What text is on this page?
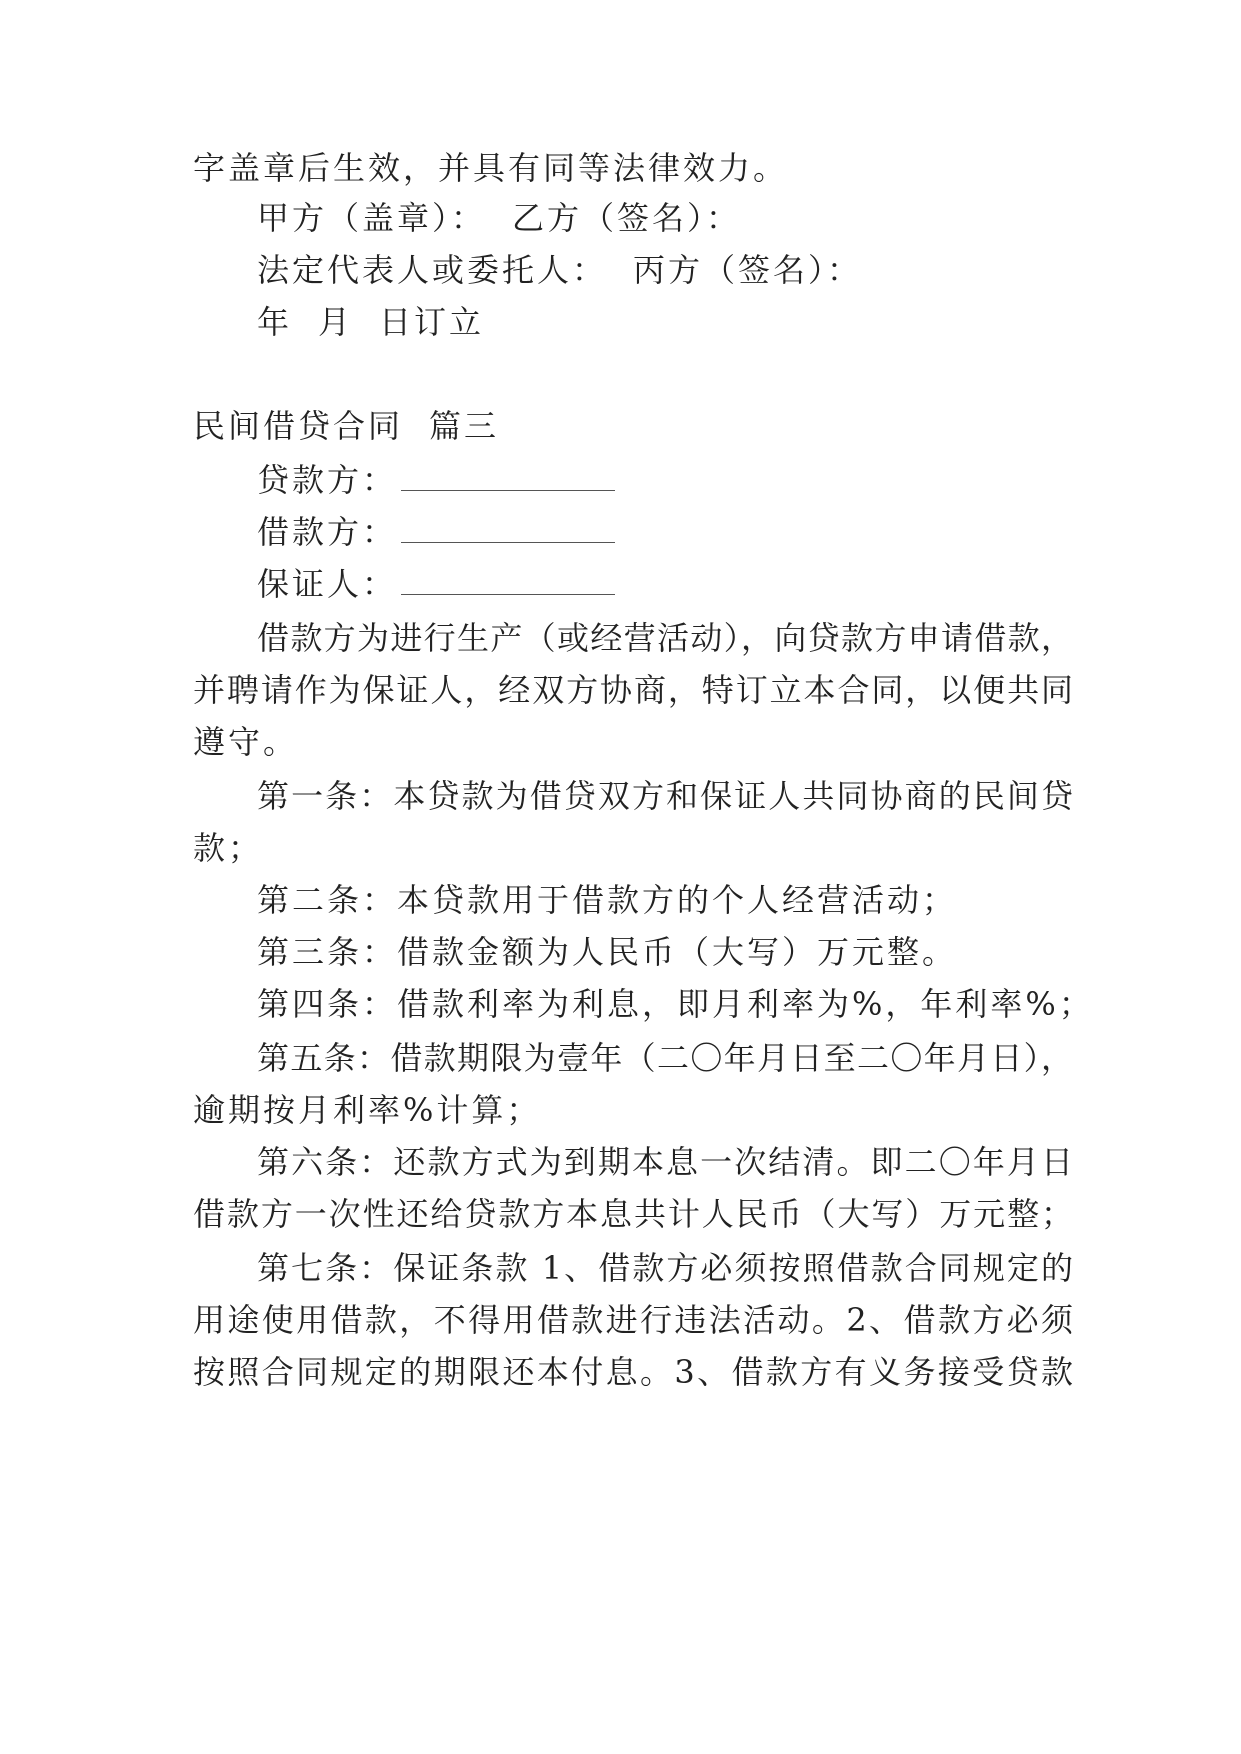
字盖章后生效，并具有同等法律效力。
甲方（盖章）： 乙方（签名）：
法定代表人或委托人： 丙方（签名）：
年 月 日订立
民间借贷合同 篇三
贷款方：
借款方：
保证人：
借款方为进行生产（或经营活动），向贷款方申请借款，
并聘请作为保证人，经双方协商，特订立本合同，以便共同
遵守。
第一条：本贷款为借贷双方和保证人共同协商的民间贷
款；
第二条：本贷款用于借款方的个人经营活动；
第三条：借款金额为人民币（大写）万元整。
第四条：借款利率为利息，即月利率为%，年利率%；
第五条：借款期限为壹年（二〇年月日至二〇年月日），
逾期按月利率%计算；
第六条：还款方式为到期本息一次结清。即二〇年月日
借款方一次性还给贷款方本息共计人民币（大写）万元整；
第七条：保证条款 1、借款方必须按照借款合同规定的
用途使用借款，不得用借款进行违法活动。2、借款方必须
按照合同规定的期限还本付息。3、借款方有义务接受贷款
